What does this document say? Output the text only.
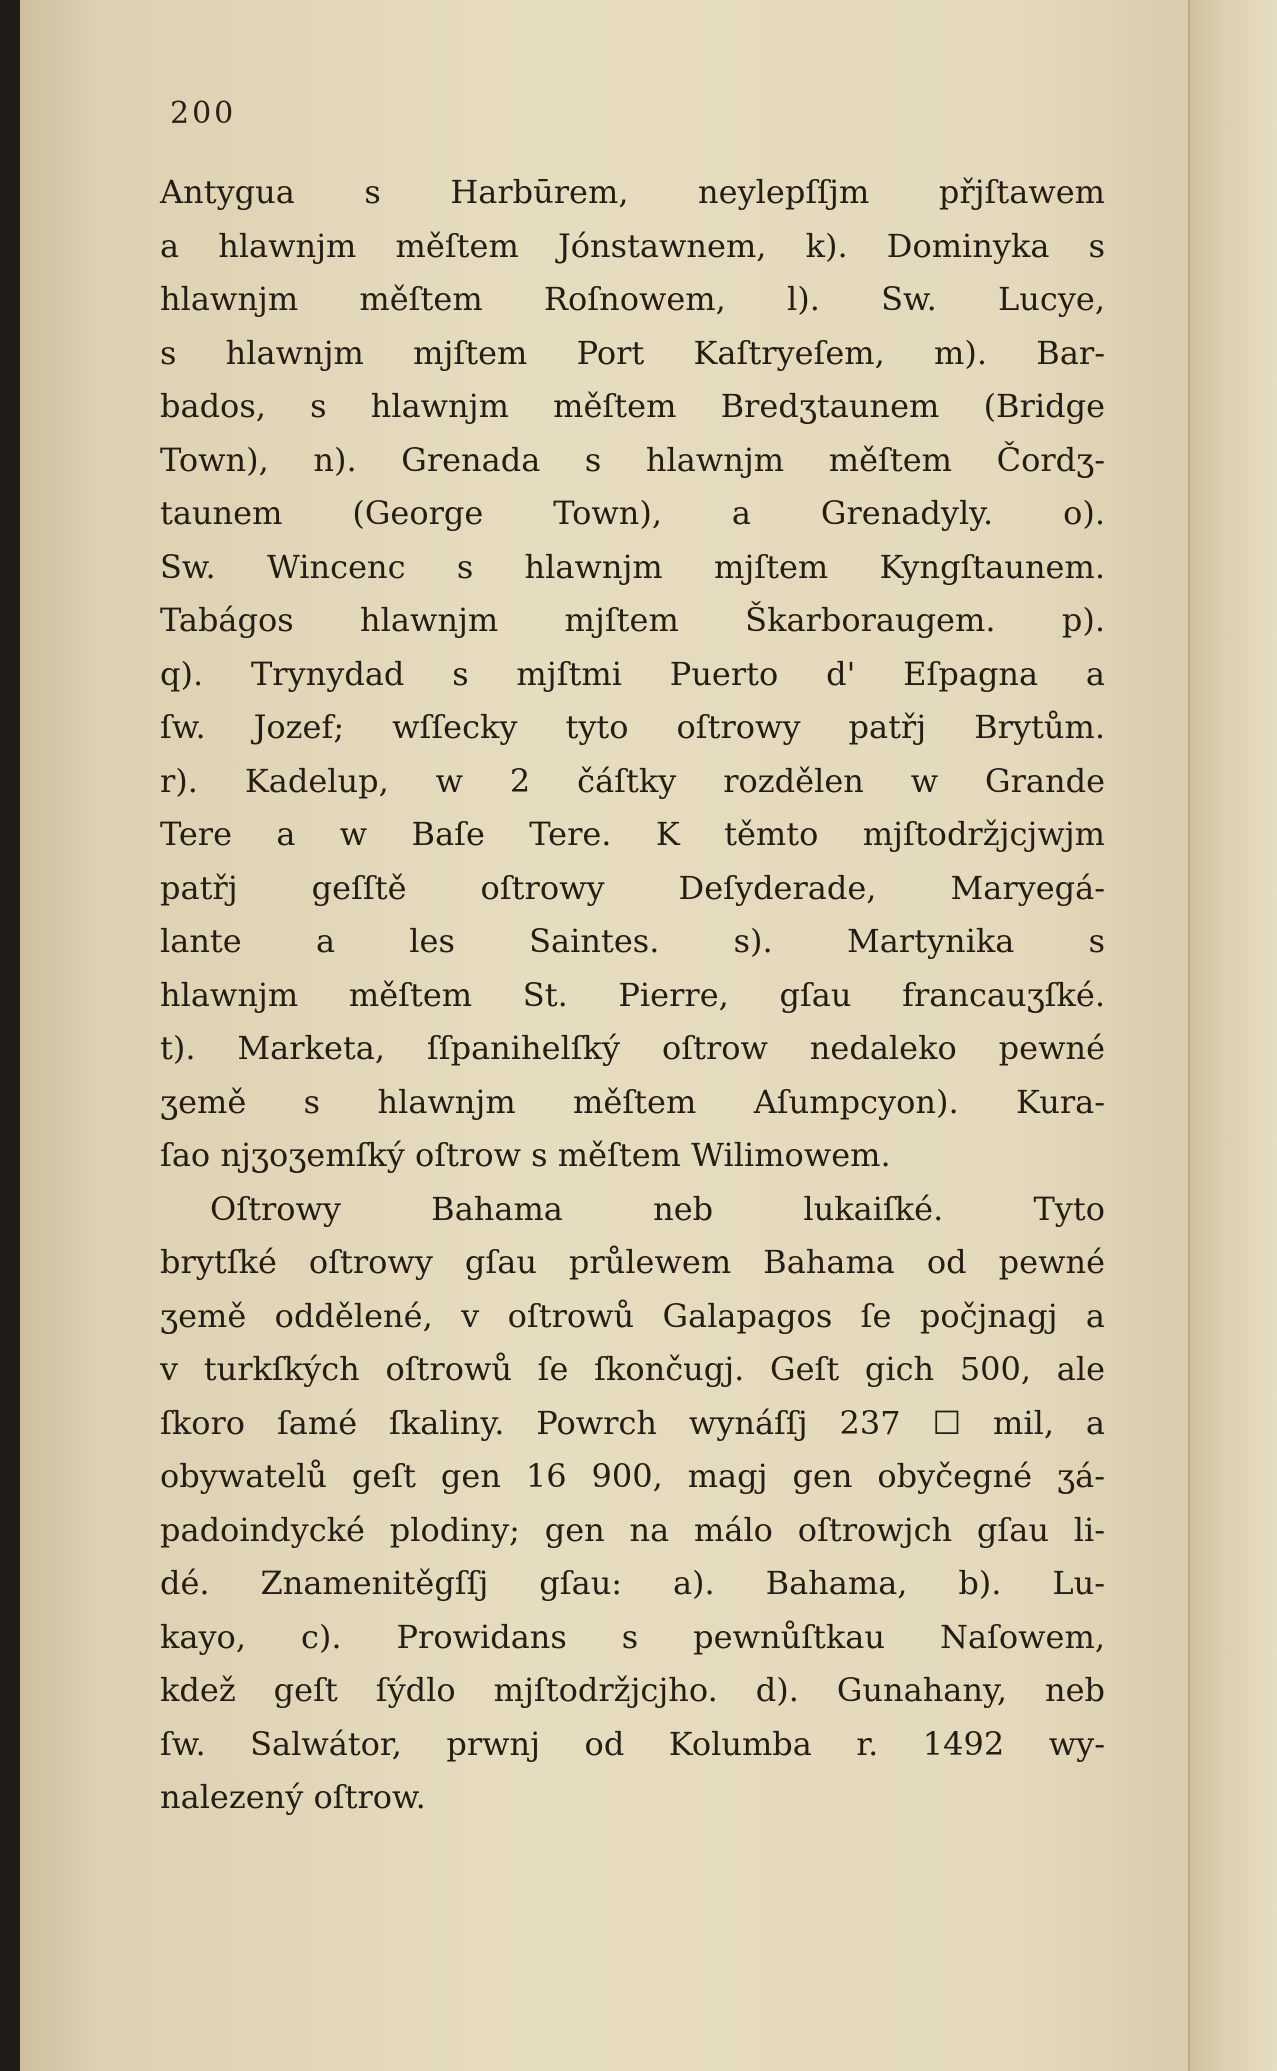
200
Antygua s Harbūrem, neylepſſjm přjſtawem
a hlawnjm měſtem Jónstawnem, k). Dominyka s
hlawnjm měſtem Roſnowem, l). Sw. Lucye,
s hlawnjm mjſtem Port Kaſtryeſem, m). Bar-
bados, s hlawnjm měſtem Bredʒtaunem (Bridge
Town), n). Grenada s hlawnjm měſtem Čordʒ-
taunem (George Town), a Grenadyly. o).
Sw. Wincenc s hlawnjm mjſtem Kyngſtaunem.
Tabágos hlawnjm mjſtem Škarboraugem. p).
q). Trynydad s mjſtmi Puerto d' Eſpagna a
ſw. Jozef; wſſecky tyto oſtrowy patřj Brytům.
r). Kadelup, w 2 čáſtky rozdělen w Grande
Tere a w Baſe Tere. K těmto mjſtodržjcjwjm
patřj geſſtě oſtrowy Deſyderade, Maryegá-
lante a les Saintes. s). Martynika s
hlawnjm měſtem St. Pierre, gſau francauʒſké.
t). Marketa, ſſpanihelſký oſtrow nedaleko pewné
ʒemě s hlawnjm měſtem Aſumpcyon). Kura-
ſao njʒoʒemſký oſtrow s měſtem Wilimowem.
Oſtrowy Bahama neb lukaiſké. Tyto
brytſké oſtrowy gſau průlewem Bahama od pewné
ʒemě oddělené, v oſtrowů Galapagos ſe počjnagj a
v turkſkých oſtrowů ſe ſkončugj. Geſt gich 500, ale
ſkoro ſamé ſkaliny. Powrch wynáſſj 237 ☐ mil, a
obywatelů geſt gen 16 900, magj gen obyčegné ʒá-
padoindycké plodiny; gen na málo oſtrowjch gſau li-
dé. Znamenitěgſſj gſau: a). Bahama, b). Lu-
kayo, c). Prowidans s pewnůſtkau Naſowem,
kdež geſt ſýdlo mjſtodržjcjho. d). Gunahany, neb
ſw. Salwátor, prwnj od Kolumba r. 1492 wy-
nalezený oſtrow.
